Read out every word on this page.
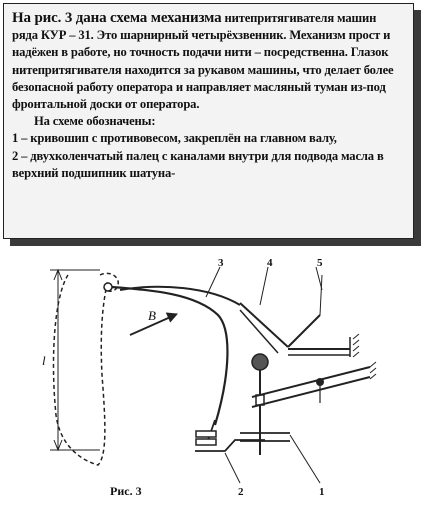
На рис. 3 дана схема механизма нитепритягивателя машин ряда КУР – 31. Это шарнирный четырёхзвенник. Механизм прост и надёжен в работе, но точность подачи нити – посредственна. Глазок нитепритягивателя находится за рукавом машины, что делает более безопасной работу оператора и направляет масляный туман из-под фронтальной доски от оператора.
На схеме обозначены:
1 – кривошип с противовесом, закреплён на главном валу,
2 – двухколенчатый палец с каналами внутри для подвода масла в верхний подшипник шатуна-
l
B
3	4	5
2	1
Рис. 3
